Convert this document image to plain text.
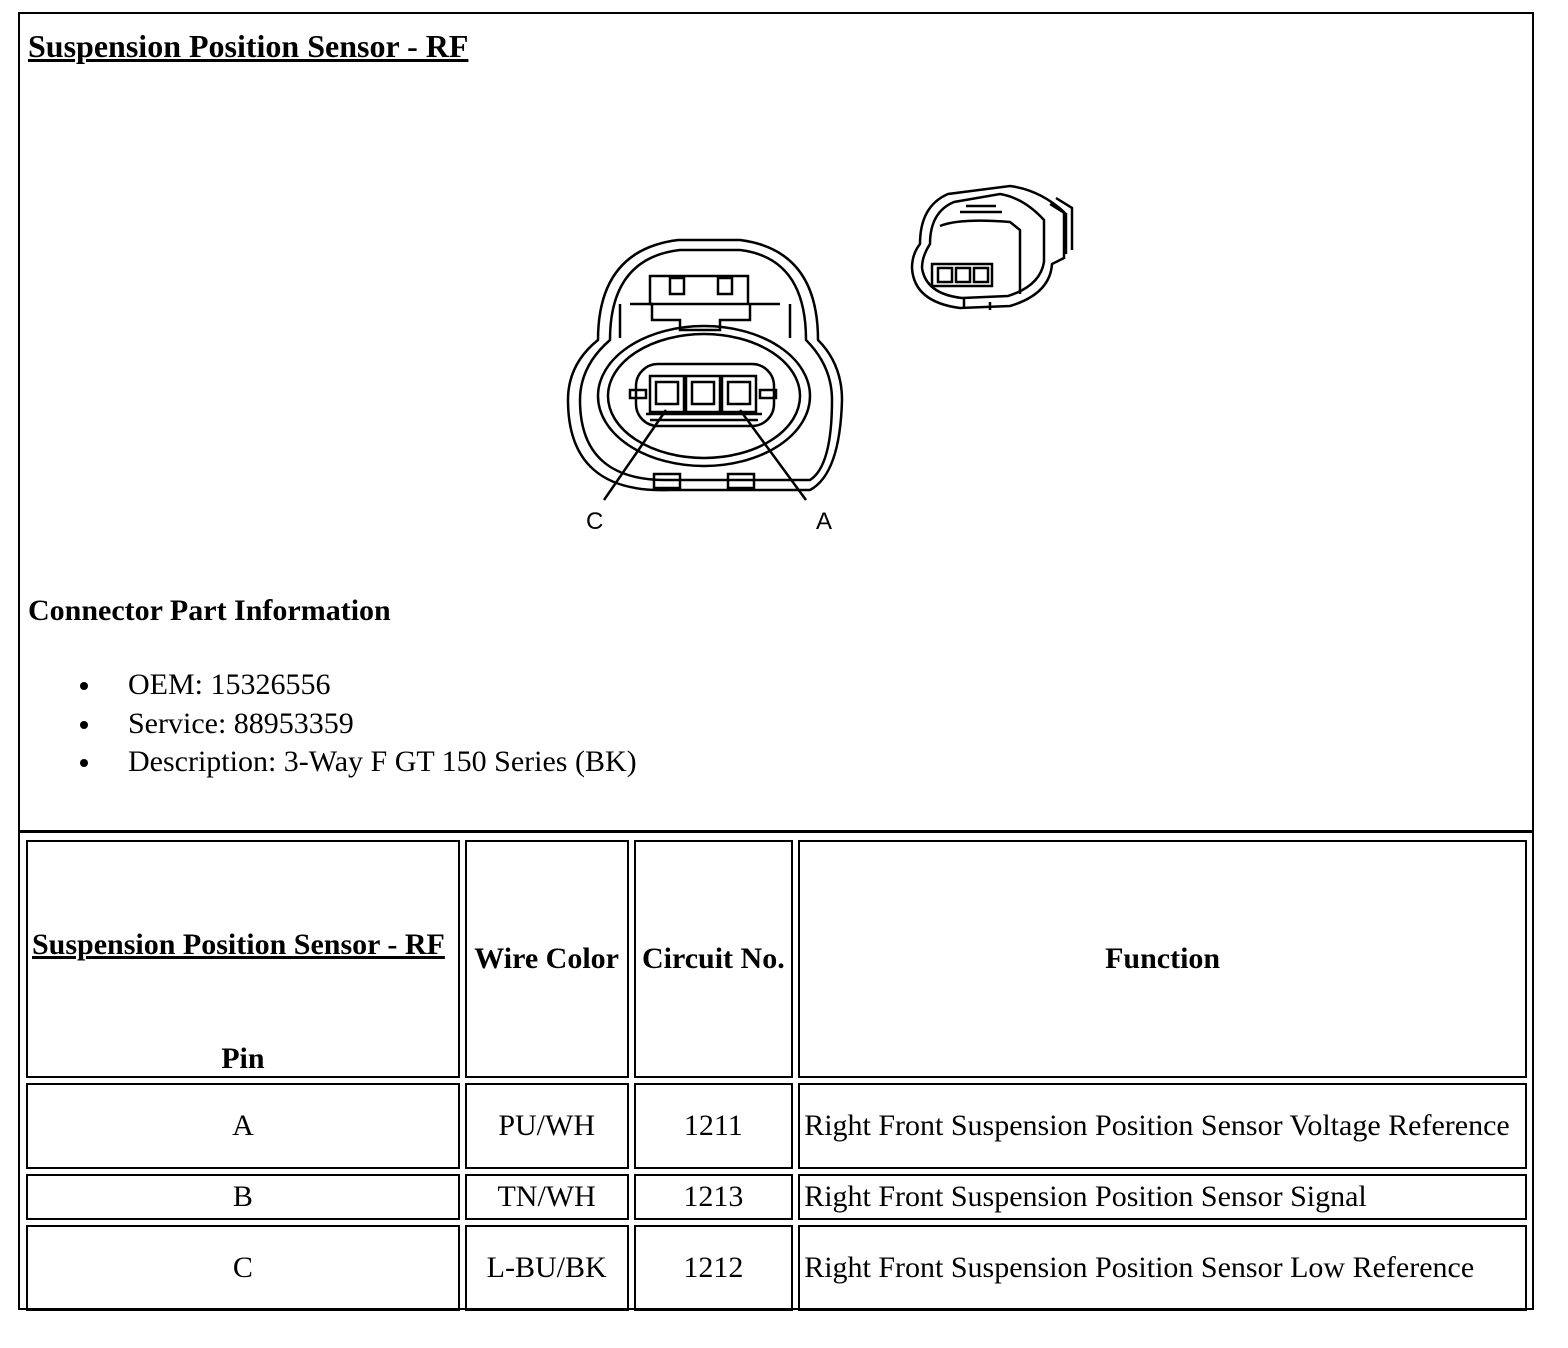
Suspension Position Sensor - RF
C	A
Connector Part Information
OEM: 15326556
Service: 88953359
Description: 3-Way F GT 150 Series (BK)
Suspension Position Sensor - RF
Pin	Wire Color	Circuit No.	Function
A	PU/WH	1211	Right Front Suspension Position Sensor Voltage Reference
B	TN/WH	1213	Right Front Suspension Position Sensor Signal
C	L-BU/BK	1212	Right Front Suspension Position Sensor Low Reference
